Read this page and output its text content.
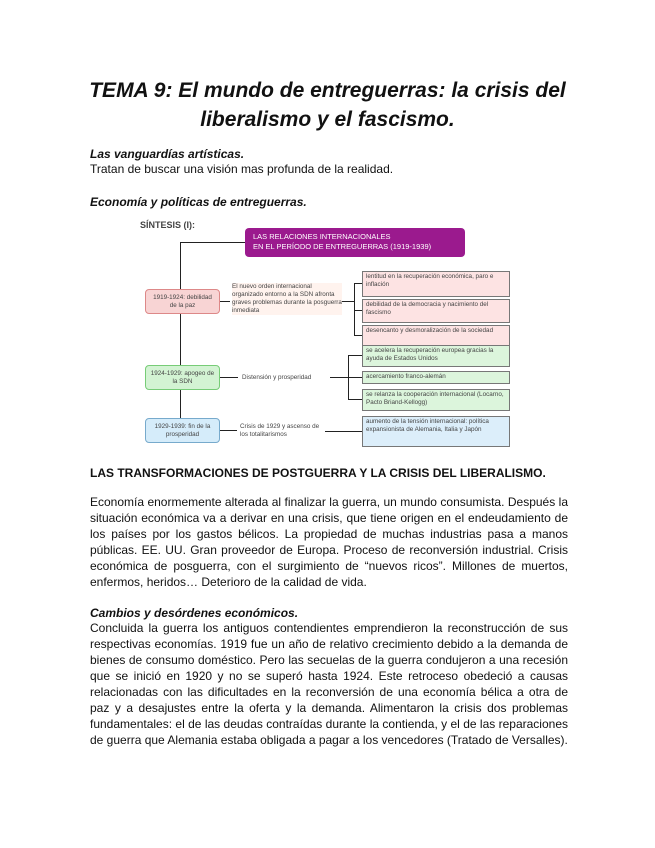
TEMA 9: El mundo de entreguerras: la crisis del liberalismo y el fascismo.
Las vanguardías artísticas.
Tratan de buscar una visión mas profunda de la realidad.
Economía y políticas de entreguerras.
SÍNTESIS (I):
LAS RELACIONES INTERNACIONALES
EN EL PERÍODO DE ENTREGUERRAS (1919-1939)
1919-1924: debilidad de la paz
1924-1929: apogeo de la SDN
1929-1939: fin de la prosperidad
El nuevo orden internacional organizado entorno a la SDN afronta graves problemas durante la posguerra inmediata
Distensión y prosperidad
Crisis de 1929 y ascenso de los totalitarismos
lentitud en la recuperación económica, paro e inflación
debilidad de la democracia y nacimiento del fascismo
desencanto y desmoralización de la sociedad
se acelera la recuperación europea gracias la ayuda de Estados Unidos
acercamiento franco-alemán
se relanza la cooperación internacional (Locarno, Pacto Briand-Kellogg)
aumento de la tensión internacional: política expansionista de Alemania, Italia y Japón
LAS TRANSFORMACIONES DE POSTGUERRA Y LA CRISIS DEL LIBERALISMO.
Economía enormemente alterada al finalizar la guerra, un mundo consumista. Después la situación económica va a derivar en una crisis, que tiene origen en el endeudamiento de los países por los gastos bélicos. La propiedad de muchas industrias pasa a manos públicas. EE. UU. Gran proveedor de Europa. Proceso de reconversión industrial. Crisis económica de posguerra, con el surgimiento de “nuevos ricos”. Millones de muertos, enfermos, heridos… Deterioro de la calidad de vida.
Cambios y desórdenes económicos.
Concluida la guerra los antiguos contendientes emprendieron la reconstrucción de sus respectivas economías. 1919 fue un año de relativo crecimiento debido a la demanda de bienes de consumo doméstico. Pero las secuelas de la guerra condujeron a una recesión que se inició en 1920 y no se superó hasta 1924. Este retroceso obedeció a causas relacionadas con las dificultades en la reconversión de una economía bélica a otra de paz y a desajustes entre la oferta y la demanda. Alimentaron la crisis dos problemas fundamentales: el de las deudas contraídas durante la contienda, y el de las reparaciones de guerra que Alemania estaba obligada a pagar a los vencedores (Tratado de Versalles).
